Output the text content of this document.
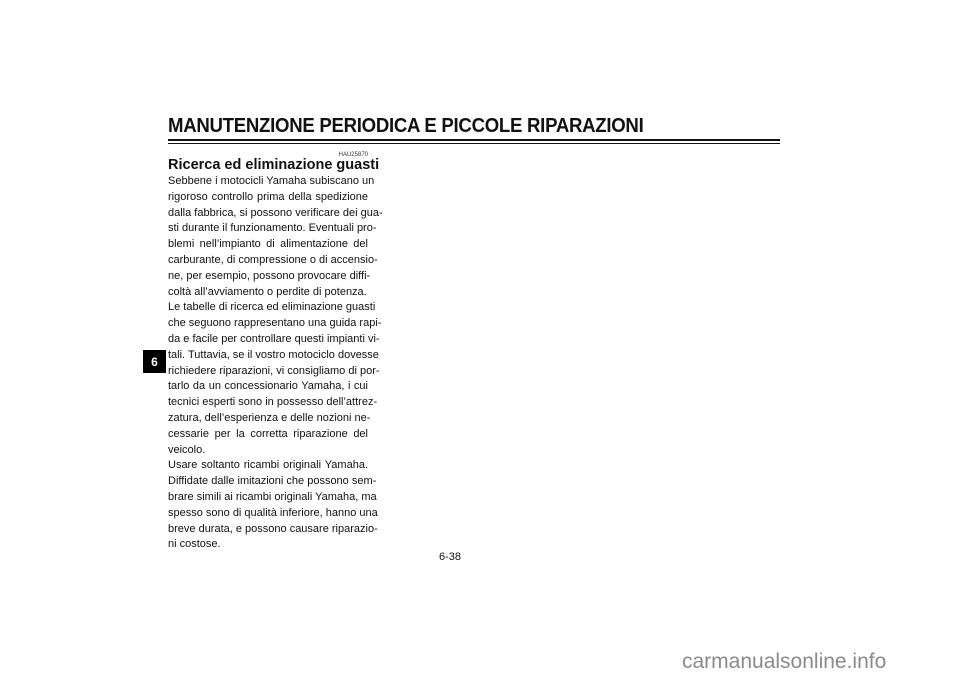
MANUTENZIONE PERIODICA E PICCOLE RIPARAZIONI
HAU25870
Ricerca ed eliminazione guasti
Sebbene i motocicli Yamaha subiscano un
rigoroso controllo prima della spedizione
dalla fabbrica, si possono verificare dei gua-
sti durante il funzionamento. Eventuali pro-
blemi nell’impianto di alimentazione del
carburante, di compressione o di accensio-
ne, per esempio, possono provocare diffi-
coltà all’avviamento o perdite di potenza.
Le tabelle di ricerca ed eliminazione guasti
che seguono rappresentano una guida rapi-
da e facile per controllare questi impianti vi-
tali. Tuttavia, se il vostro motociclo dovesse
richiedere riparazioni, vi consigliamo di por-
tarlo da un concessionario Yamaha, i cui
tecnici esperti sono in possesso dell’attrez-
zatura, dell’esperienza e delle nozioni ne-
cessarie per la corretta riparazione del
veicolo.
Usare soltanto ricambi originali Yamaha.
Diffidate dalle imitazioni che possono sem-
brare simili ai ricambi originali Yamaha, ma
spesso sono di qualità inferiore, hanno una
breve durata, e possono causare riparazio-
ni costose.
6
6-38
carmanualsonline.info
